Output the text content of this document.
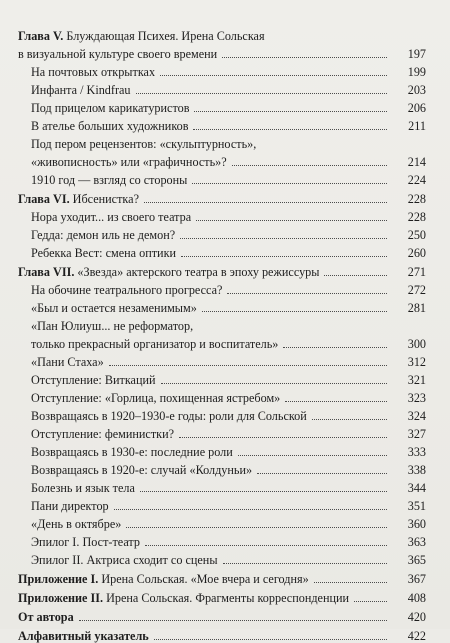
Глава V. Блуждающая Психея. Ирена Сольская
в визуальной культуре своего времени	197
На почтовых открытках	199
Инфанта / Kindfrau	203
Под прицелом карикатуристов	206
В ателье больших художников	211
Под пером рецензентов: «скульптурность»,
«живописность» или «графичность»?	214
1910 год — взгляд со стороны	224
Глава VI. Ибсенистка?	228
Нора уходит... из своего театра	228
Гедда: демон иль не демон?	250
Ребекка Вест: смена оптики	260
Глава VII. «Звезда» актерского театра в эпоху режиссуры	271
На обочине театрального прогресса?	272
«Был и остается незаменимым»	281
«Пан Юлиуш... не реформатор,
только прекрасный организатор и воспитатель»	300
«Пани Стаха»	312
Отступление: Виткаций	321
Отступление: «Горлица, похищенная ястребом»	323
Возвращаясь в 1920–1930-е годы: роли для Сольской	324
Отступление: феминистки?	327
Возвращаясь в 1930-е: последние роли	333
Возвращаясь в 1920-е: случай «Колдуньи»	338
Болезнь и язык тела	344
Пани директор	351
«День в октябре»	360
Эпилог I. Пост-театр	363
Эпилог II. Актриса сходит со сцены	365
Приложение I. Ирена Сольская. «Мое вчера и сегодня»	367
Приложение II. Ирена Сольская. Фрагменты корреспонденции	408
От автора	420
Алфавитный указатель	422
